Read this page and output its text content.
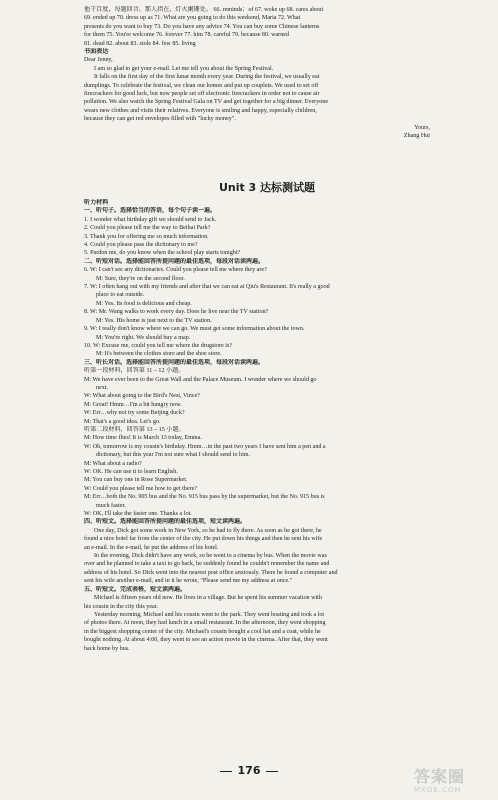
他干百度，每题回音，那人指在，灯火阑珊处。 66. reminds；of 67. woke up 68. cares about
69. ended up 70. dress up as 71. What are you going to do this weekend, Maria 72. What
presents do you want to buy 73. Do you have any advice 74. You can buy some Chinese lanterns
for them 75. You're welcome 76. forever 77. him 78. careful 79. because 80. warned
81. dead 82. about 83. stole 84. few 85. living
书面表达
Dear Jenny,
I am so glad to get your e-mail. Let me tell you about the Spring Festival.
It falls on the first day of the first lunar month every year. During the festival, we usually eat
dumplings. To celebrate the festival, we clean our homes and put up couplets. We used to set off
firecrackers for good luck, but now people set off electronic firecrackers in order not to cause air
pollution. We also watch the Spring Festival Gala on TV and get together for a big dinner. Everyone
wears new clothes and visits their relatives. Everyone is smiling and happy, especially children,
because they can get red envelopes filled with "lucky money".
Yours,
Zhang Hui
Unit 3 达标测试题
听力材料
一、听句子。选择恰当的答语，每个句子读一遍。
1. I wonder what birthday gift we should send to Jack.
2. Could you please tell me the way to Beihai Park?
3. Thank you for offering me so much information.
4. Could you please pass the dictionary to me?
5. Pardon me, do you know when the school play starts tonight?
二、听短对话。选择能回答所提问题的最佳选项，每段对话读两遍。
6. W: I can't see any dictionaries. Could you please tell me where they are?
M: Sure, they're on the second floor.
7. W: I often hang out with my friends and after that we can eat at Qiu's Restaurant. It's really a good
place to eat outside.
M: Yes. Its food is delicious and cheap.
8. W: Mr. Wang walks to work every day. Does he live near the TV station?
M: Yes. His home is just next to the TV station.
9. W: I really don't know where we can go. We must get some information about the town.
M: You're right. We should buy a map.
10. W: Excuse me, could you tell me where the drugstore is?
M: It's between the clothes store and the shoe store.
三、听长对话。选择能回答所提问题的最佳选项，每段对话读两遍。
听第一段材料，回答第 11 – 12 小题。
M: We have ever been to the Great Wall and the Palace Museum. I wonder where we should go
next.
W: What about going to the Bird's Nest, Vince?
M: Great! Hmm…I'm a bit hungry now.
W: Err…why not try some Beijing duck?
M: That's a good idea. Let's go.
听第二段材料，回答第 13 – 15 小题。
M: How time flies! It is March 13 today, Emma.
W: Oh, tomorrow is my cousin's birthday. Hmm…in the past two years I have sent him a pen and a
dictionary, but this year I'm not sure what I should send to him.
M: What about a radio?
W: OK. He can use it to learn English.
M: You can buy one in Rose Supermarket.
W: Could you please tell me how to get there?
M: Err…both the No. 905 bus and the No. 915 bus pass by the supermarket, but the No. 915 bus is
much faster.
W: OK, I'll take the faster one. Thanks a lot.
四、听短文。选择能回答所提问题的最佳选项，短文读两遍。
One day, Dick got some work in New York, so he had to fly there. As soon as he got there, he
found a nice hotel far from the center of the city. He put down his things and then he sent his wife
an e-mail. In the e-mail, he put the address of his hotel.
In the evening, Dick didn't have any work, so he went to a cinema by bus. When the movie was
over and he planned to take a taxi to go back, he suddenly found he couldn't remember the name and
address of his hotel. So Dick went into the nearest post office anxiously. There he found a computer and
sent his wife another e-mail, and in it he wrote, "Please send me my address at once."
五、听短文。完成表格，短文读两遍。
Michael is fifteen years old now. He lives in a village. But he spent his summer vacation with
his cousin in the city this year.
Yesterday morning, Michael and his cousin went to the park. They went boating and took a lot
of photos there. At noon, they had lunch in a small restaurant. In the afternoon, they went shopping
in the biggest shopping center of the city. Michael's cousin bought a cool hat and a coat, while he
bought nothing. At about 4:00, they went to see an action movie in the cinema. After that, they went
back home by bus.
176	答案圈
MXQE.COM
